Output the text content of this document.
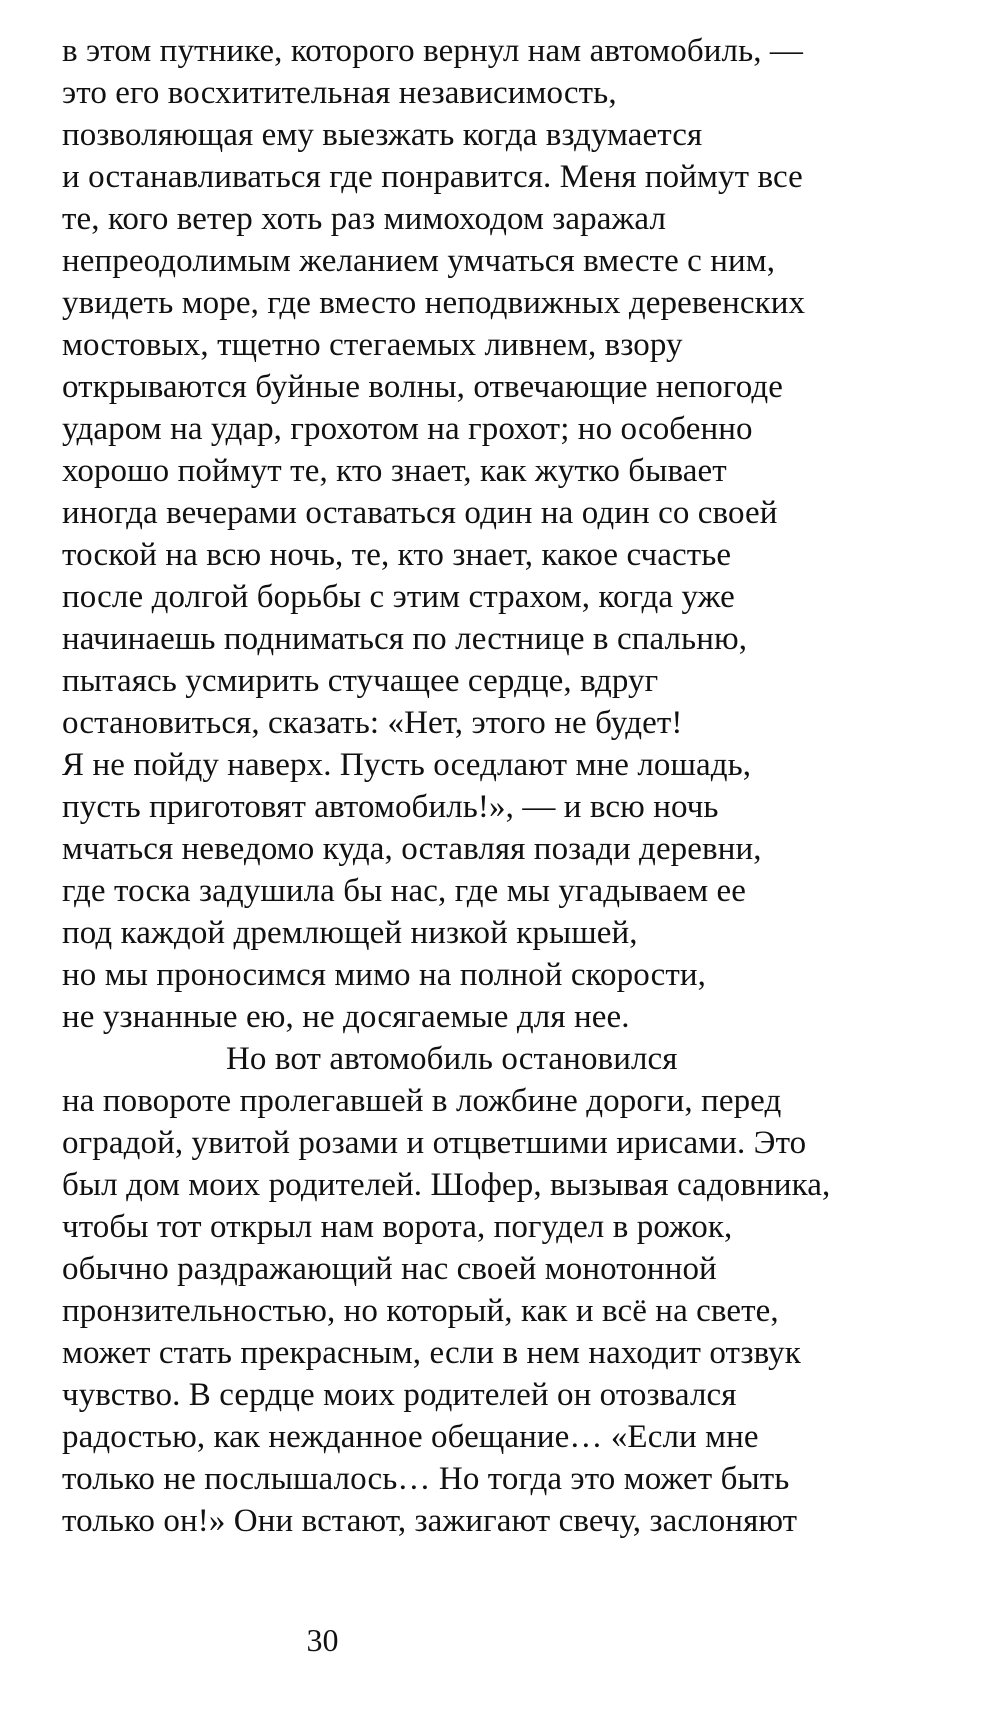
в этом путнике, которого вернул нам автомобиль, —
это его восхитительная независимость,
позволяющая ему выезжать когда вздумается
и останавливаться где понравится. Меня поймут все
те, кого ветер хоть раз мимоходом заражал
непреодолимым желанием умчаться вместе с ним,
увидеть море, где вместо неподвижных деревенских
мостовых, тщетно стегаемых ливнем, взору
открываются буйные волны, отвечающие непогоде
ударом на удар, грохотом на грохот; но особенно
хорошо поймут те, кто знает, как жутко бывает
иногда вечерами оставаться один на один со своей
тоской на всю ночь, те, кто знает, какое счастье
после долгой борьбы с этим страхом, когда уже
начинаешь подниматься по лестнице в спальню,
пытаясь усмирить стучащее сердце, вдруг
остановиться, сказать: «Нет, этого не будет!
Я не пойду наверх. Пусть оседлают мне лошадь,
пусть приготовят автомобиль!», — и всю ночь
мчаться неведомо куда, оставляя позади деревни,
где тоска задушила бы нас, где мы угадываем ее
под каждой дремлющей низкой крышей,
но мы проносимся мимо на полной скорости,
не узнанные ею, не досягаемые для нее.
Но вот автомобиль остановился
на повороте пролегавшей в ложбине дороги, перед
оградой, увитой розами и отцветшими ирисами. Это
был дом моих родителей. Шофер, вызывая садовника,
чтобы тот открыл нам ворота, погудел в рожок,
обычно раздражающий нас своей монотонной
пронзительностью, но который, как и всё на свете,
может стать прекрасным, если в нем находит отзвук
чувство. В сердце моих родителей он отозвался
радостью, как нежданное обещание… «Если мне
только не послышалось… Но тогда это может быть
только он!» Они встают, зажигают свечу, заслоняют
30
